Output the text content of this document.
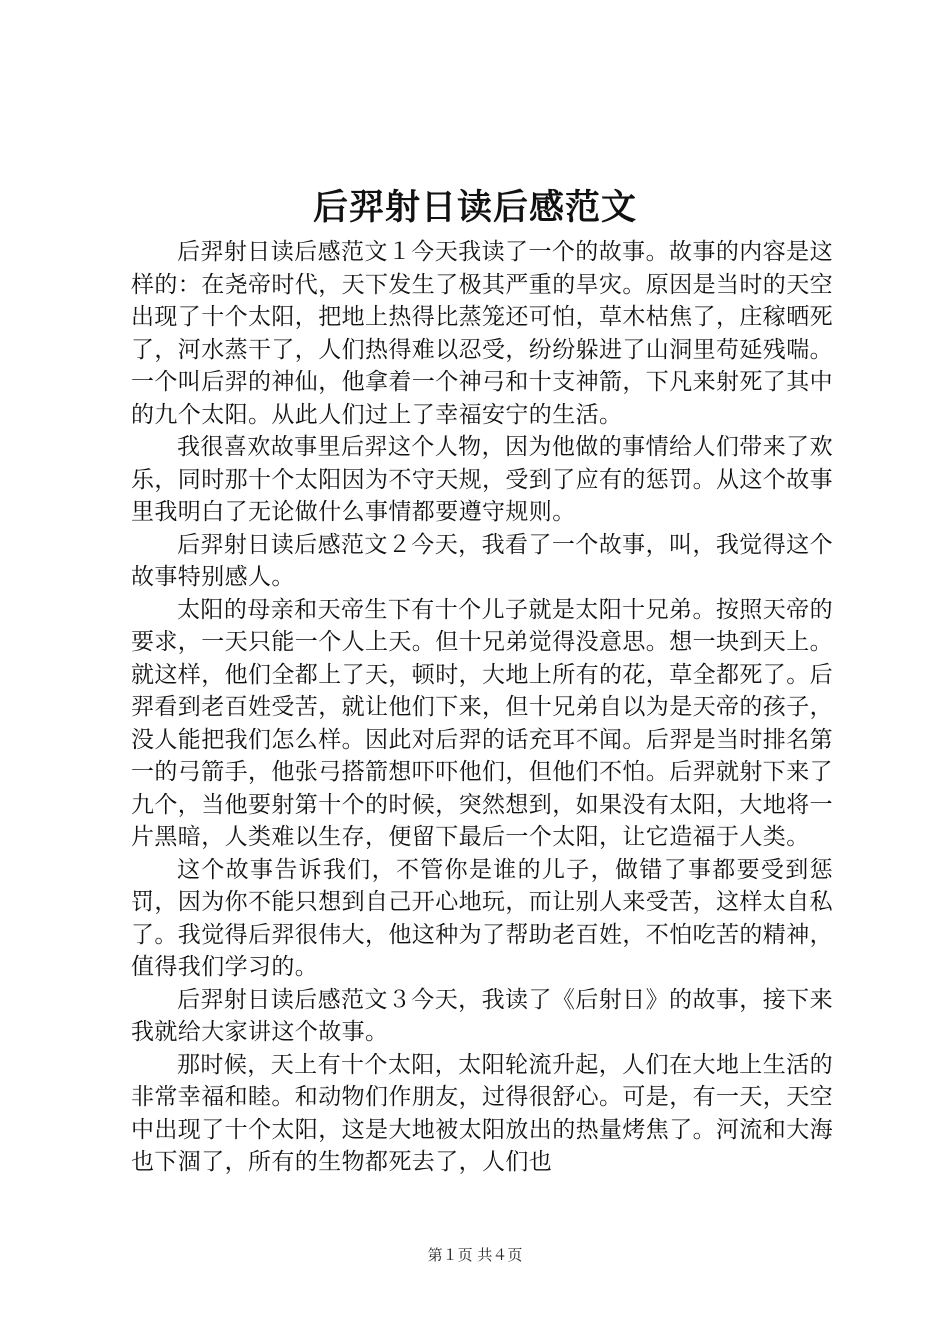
后羿射日读后感范文

后羿射日读后感范文１今天我读了一个的故事。故事的内容是这样的：在尧帝时代，天下发生了极其严重的旱灾。原因是当时的天空出现了十个太阳，把地上热得比蒸笼还可怕，草木枯焦了，庄稼晒死了，河水蒸干了，人们热得难以忍受，纷纷躲进了山洞里苟延残喘。一个叫后羿的神仙，他拿着一个神弓和十支神箭，下凡来射死了其中的九个太阳。从此人们过上了幸福安宁的生活。

我很喜欢故事里后羿这个人物，因为他做的事情给人们带来了欢乐，同时那十个太阳因为不守天规，受到了应有的惩罚。从这个故事里我明白了无论做什么事情都要遵守规则。

后羿射日读后感范文２今天，我看了一个故事，叫，我觉得这个故事特别感人。

太阳的母亲和天帝生下有十个儿子就是太阳十兄弟。按照天帝的要求，一天只能一个人上天。但十兄弟觉得没意思。想一块到天上。就这样，他们全都上了天，顿时，大地上所有的花，草全都死了。后羿看到老百姓受苦，就让他们下来，但十兄弟自以为是天帝的孩子，没人能把我们怎么样。因此对后羿的话充耳不闻。后羿是当时排名第一的弓箭手，他张弓搭箭想吓吓他们，但他们不怕。后羿就射下来了九个，当他要射第十个的时候，突然想到，如果没有太阳，大地将一片黑暗，人类难以生存，便留下最后一个太阳，让它造福于人类。

这个故事告诉我们，不管你是谁的儿子，做错了事都要受到惩罚，因为你不能只想到自己开心地玩，而让别人来受苦，这样太自私了。我觉得后羿很伟大，他这种为了帮助老百姓，不怕吃苦的精神，值得我们学习的。

后羿射日读后感范文３今天，我读了《后射日》的故事，接下来我就给大家讲这个故事。

那时候，天上有十个太阳，太阳轮流升起，人们在大地上生活的非常幸福和睦。和动物们作朋友，过得很舒心。可是，有一天，天空中出现了十个太阳，这是大地被太阳放出的热量烤焦了。河流和大海也下涸了，所有的生物都死去了，人们也

第１页 共４页
